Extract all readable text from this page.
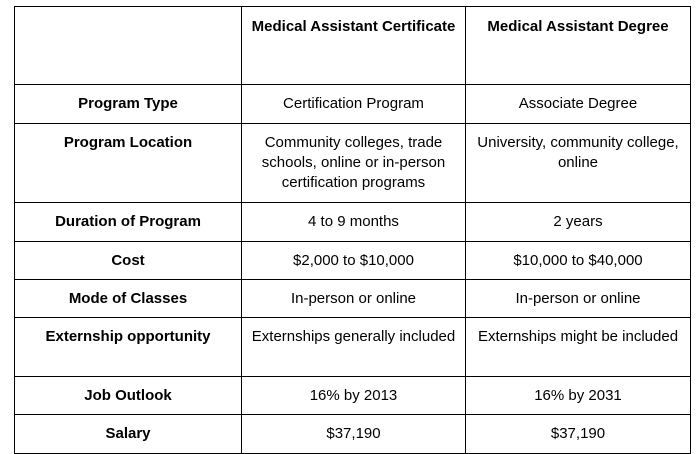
	Medical Assistant Certificate	Medical Assistant Degree
Program Type	Certification Program	Associate Degree
Program Location	Community colleges, trade schools, online or in-person certification programs	University, community college, online
Duration of Program	4 to 9 months	2 years
Cost	$2,000 to $10,000	$10,000 to $40,000
Mode of Classes	In-person or online	In-person or online
Externship opportunity	Externships generally included	Externships might be included
Job Outlook	16% by 2013	16% by 2031
Salary	$37,190	$37,190
